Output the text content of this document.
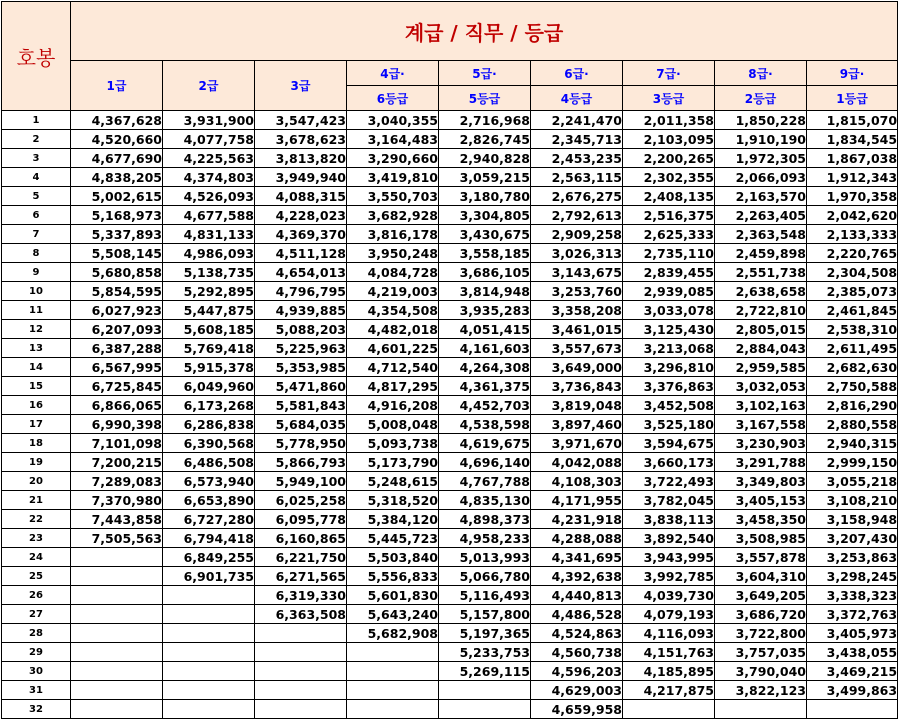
호봉	계급 / 직무 / 등급								
	1급	2급	3급	4급·	5급·	6급·	7급·	8급·	9급·
				6등급	5등급	4등급	3등급	2등급	1등급
1	4,367,628	3,931,900	3,547,423	3,040,355	2,716,968	2,241,470	2,011,358	1,850,228	1,815,070
2	4,520,660	4,077,758	3,678,623	3,164,483	2,826,745	2,345,713	2,103,095	1,910,190	1,834,545
3	4,677,690	4,225,563	3,813,820	3,290,660	2,940,828	2,453,235	2,200,265	1,972,305	1,867,038
4	4,838,205	4,374,803	3,949,940	3,419,810	3,059,215	2,563,115	2,302,355	2,066,093	1,912,343
5	5,002,615	4,526,093	4,088,315	3,550,703	3,180,780	2,676,275	2,408,135	2,163,570	1,970,358
6	5,168,973	4,677,588	4,228,023	3,682,928	3,304,805	2,792,613	2,516,375	2,263,405	2,042,620
7	5,337,893	4,831,133	4,369,370	3,816,178	3,430,675	2,909,258	2,625,333	2,363,548	2,133,333
8	5,508,145	4,986,093	4,511,128	3,950,248	3,558,185	3,026,313	2,735,110	2,459,898	2,220,765
9	5,680,858	5,138,735	4,654,013	4,084,728	3,686,105	3,143,675	2,839,455	2,551,738	2,304,508
10	5,854,595	5,292,895	4,796,795	4,219,003	3,814,948	3,253,760	2,939,085	2,638,658	2,385,073
11	6,027,923	5,447,875	4,939,885	4,354,508	3,935,283	3,358,208	3,033,078	2,722,810	2,461,845
12	6,207,093	5,608,185	5,088,203	4,482,018	4,051,415	3,461,015	3,125,430	2,805,015	2,538,310
13	6,387,288	5,769,418	5,225,963	4,601,225	4,161,603	3,557,673	3,213,068	2,884,043	2,611,495
14	6,567,995	5,915,378	5,353,985	4,712,540	4,264,308	3,649,000	3,296,810	2,959,585	2,682,630
15	6,725,845	6,049,960	5,471,860	4,817,295	4,361,375	3,736,843	3,376,863	3,032,053	2,750,588
16	6,866,065	6,173,268	5,581,843	4,916,208	4,452,703	3,819,048	3,452,508	3,102,163	2,816,290
17	6,990,398	6,286,838	5,684,035	5,008,048	4,538,598	3,897,460	3,525,180	3,167,558	2,880,558
18	7,101,098	6,390,568	5,778,950	5,093,738	4,619,675	3,971,670	3,594,675	3,230,903	2,940,315
19	7,200,215	6,486,508	5,866,793	5,173,790	4,696,140	4,042,088	3,660,173	3,291,788	2,999,150
20	7,289,083	6,573,940	5,949,100	5,248,615	4,767,788	4,108,303	3,722,493	3,349,803	3,055,218
21	7,370,980	6,653,890	6,025,258	5,318,520	4,835,130	4,171,955	3,782,045	3,405,153	3,108,210
22	7,443,858	6,727,280	6,095,778	5,384,120	4,898,373	4,231,918	3,838,113	3,458,350	3,158,948
23	7,505,563	6,794,418	6,160,865	5,445,723	4,958,233	4,288,088	3,892,540	3,508,985	3,207,430
24		6,849,255	6,221,750	5,503,840	5,013,993	4,341,695	3,943,995	3,557,878	3,253,863
25		6,901,735	6,271,565	5,556,833	5,066,780	4,392,638	3,992,785	3,604,310	3,298,245
26			6,319,330	5,601,830	5,116,493	4,440,813	4,039,730	3,649,205	3,338,323
27			6,363,508	5,643,240	5,157,800	4,486,528	4,079,193	3,686,720	3,372,763
28				5,682,908	5,197,365	4,524,863	4,116,093	3,722,800	3,405,973
29					5,233,753	4,560,738	4,151,763	3,757,035	3,438,055
30					5,269,115	4,596,203	4,185,895	3,790,040	3,469,215
31						4,629,003	4,217,875	3,822,123	3,499,863
32						4,659,958			
